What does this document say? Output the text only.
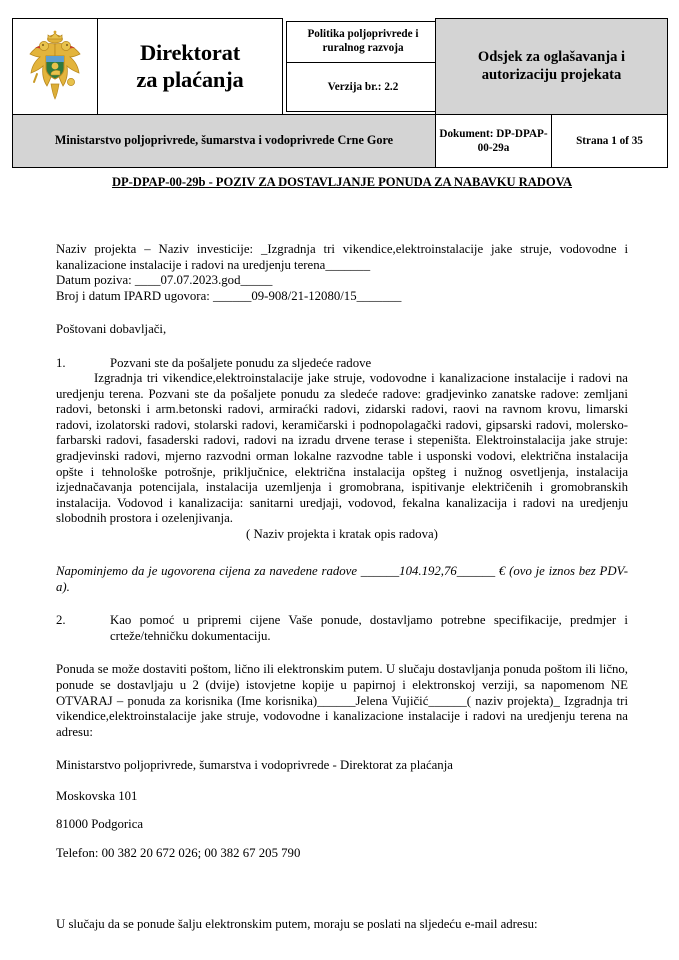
Direktorat
za plaćanja

Politika poljoprivrede i ruralnog razvoja
Verzija br.: 2.2
	Odsjek za oglašavanja i autorizaciju projekata

Ministarstvo poljoprivrede, šumarstva i vodoprivrede Crne Gore	Dokument: DP-DPAP-00-29a	Strana 1 of 35

DP-DPAP-00-29b - POZIV ZA DOSTAVLJANJE PONUDA ZA NABAVKU RADOVA

Naziv projekta – Naziv investicije: _Izgradnja tri vikendice,elektroinstalacije jake struje, vodovodne i kanalizacione instalacije i radovi na uredjenju terena_______

Datum poziva: ____07.07.2023.god_____

Broj i datum IPARD ugovora: ______09-908/21-12080/15_______

Poštovani dobavljači,

1.	Pozvani ste da pošaljete ponudu za sljedeće radove

Izgradnja tri vikendice,elektroinstalacije jake struje, vodovodne i kanalizacione instalacije i radovi na uredjenju terena. Pozvani ste da pošaljete ponudu za sledeće radove: gradjevinko zanatske radove: zemljani radovi, betonski i arm.betonski radovi, armiraćki radovi, zidarski radovi, raovi na ravnom krovu, limarski radovi, izolatorski radovi, stolarski radovi, keramičarski i podnopolagački radovi, gipsarski radovi, molersko-farbarski radovi, fasaderski radovi, radovi na izradu drvene terase i stepeništa. Elektroinstalacija jake struje: gradjevinski radovi, mjerno razvodni orman lokalne razvodne table i usponski vodovi, električna instalacija opšte i tehnološke potrošnje, priključnice, električna instalacija opšteg i nužnog osvetljenja, instalacija izjednačavanja potencijala, instalacija uzemljenja i gromobrana, ispitivanje električenih i gromobranskih instalacija. Vodovod i kanalizacija: sanitarni uredjaji, vodovod, fekalna kanalizacija i radovi na uredjenju slobodnih prostora i ozelenjivanja.

( Naziv projekta i kratak opis radova)

Napominjemo da je ugovorena cijena za navedene radove ______104.192,76______ € (ovo je iznos bez PDV-a).

2.	Kao pomoć u pripremi cijene Vaše ponude, dostavljamo potrebne specifikacije, predmjer i crteže/tehničku dokumentaciju.

Ponuda se može dostaviti poštom, lično ili elektronskim putem. U slučaju dostavljanja ponuda poštom ili lično, ponude se dostavljaju u 2 (dvije) istovjetne kopije u papirnoj i elektronskoj verziji, sa napomenom NE OTVARAJ – ponuda za korisnika (Ime korisnika)______Jelena Vujičić______( naziv projekta)_ Izgradnja tri vikendice,elektroinstalacije jake struje, vodovodne i kanalizacione instalacije i radovi na uredjenju terena na adresu:

Ministarstvo poljoprivrede, šumarstva i vodoprivrede - Direktorat za plaćanja

Moskovska 101

81000 Podgorica

Telefon: 00 382 20 672 026; 00 382 67 205 790

U slučaju da se ponude šalju elektronskim putem, moraju se poslati na sljedeću e-mail adresu:
